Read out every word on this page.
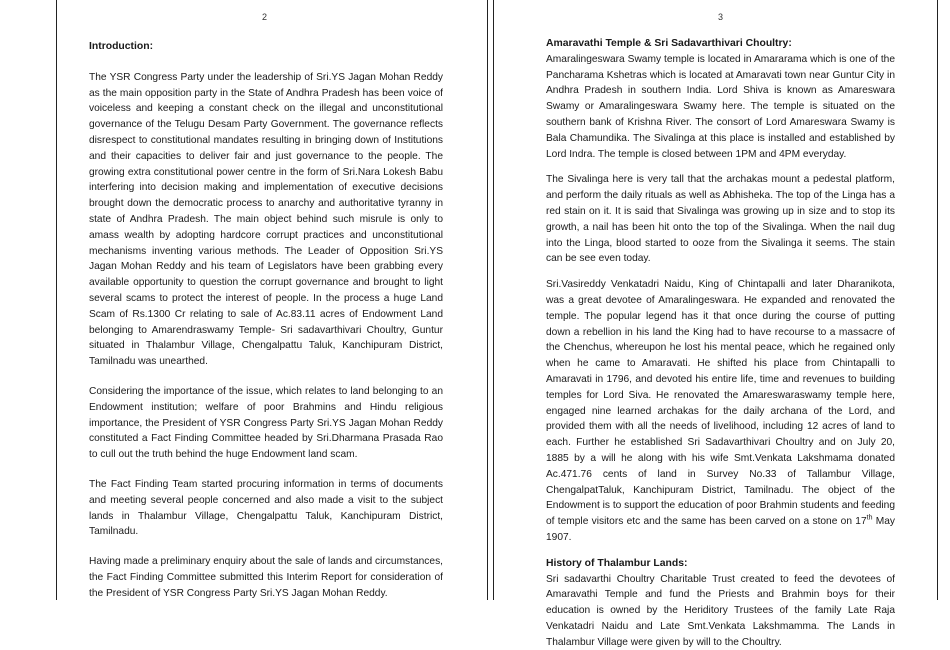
2
Introduction:

The YSR Congress Party under the leadership of Sri.YS Jagan Mohan Reddy as the main opposition party in the State of Andhra Pradesh has been voice of voiceless and keeping a constant check on the illegal and unconstitutional governance of the Telugu Desam Party Government. The governance reflects disrespect to constitutional mandates resulting in bringing down of Institutions and their capacities to deliver fair and just governance to the people. The growing extra constitutional power centre in the form of Sri.Nara Lokesh Babu interfering into decision making and implementation of executive decisions brought down the democratic process to anarchy and authoritative tyranny in state of Andhra Pradesh. The main object behind such misrule is only to amass wealth by adopting hardcore corrupt practices and unconstitutional mechanisms inventing various methods. The Leader of Opposition Sri.YS Jagan Mohan Reddy and his team of Legislators have been grabbing every available opportunity to question the corrupt governance and brought to light several scams to protect the interest of people. In the process a huge Land Scam of Rs.1300 Cr relating to sale of Ac.83.11 acres of Endowment Land belonging to Amarendraswamy Temple- Sri sadavarthivari Choultry, Guntur situated in Thalambur Village, Chengalpattu Taluk, Kanchipuram District, Tamilnadu was unearthed.

Considering the importance of the issue, which relates to land belonging to an Endowment institution; welfare of poor Brahmins and Hindu religious importance, the President of YSR Congress Party Sri.YS Jagan Mohan Reddy constituted a Fact Finding Committee headed by Sri.Dharmana Prasada Rao to cull out the truth behind the huge Endowment land scam.

The Fact Finding Team started procuring information in terms of documents and meeting several people concerned and also made a visit to the subject lands in Thalambur Village, Chengalpattu Taluk, Kanchipuram District, Tamilnadu.

Having made a preliminary enquiry about the sale of lands and circumstances, the Fact Finding Committee submitted this Interim Report for consideration of the President of YSR Congress Party Sri.YS Jagan Mohan Reddy.

3
Amaravathi Temple & Sri Sadavarthivari Choultry:

Amaralingeswara Swamy temple is located in Amararama which is one of the Pancharama Kshetras which is located at Amaravati town near Guntur City in Andhra Pradesh in southern India. Lord Shiva is known as Amareswara Swamy or Amaralingeswara Swamy here. The temple is situated on the southern bank of Krishna River. The consort of Lord Amareswara Swamy is Bala Chamundika. The Sivalinga at this place is installed and established by Lord Indra. The temple is closed between 1PM and 4PM everyday.

The Sivalinga here is very tall that the archakas mount a pedestal platform, and perform the daily rituals as well as Abhisheka. The top of the Linga has a red stain on it. It is said that Sivalinga was growing up in size and to stop its growth, a nail has been hit onto the top of the Sivalinga. When the nail dug into the Linga, blood started to ooze from the Sivalinga it seems. The stain can be see even today.

Sri.Vasireddy Venkatadri Naidu, King of Chintapalli and later Dharanikota, was a great devotee of Amaralingeswara. He expanded and renovated the temple. The popular legend has it that once during the course of putting down a rebellion in his land the King had to have recourse to a massacre of the Chenchus, whereupon he lost his mental peace, which he regained only when he came to Amaravati. He shifted his place from Chintapalli to Amaravati in 1796, and devoted his entire life, time and revenues to building temples for Lord Siva. He renovated the Amareswaraswamy temple here, engaged nine learned archakas for the daily archana of the Lord, and provided them with all the needs of livelihood, including 12 acres of land to each. Further he established Sri Sadavarthivari Choultry and on July 20, 1885 by a will he along with his wife Smt.Venkata Lakshmama donated Ac.471.76 cents of land in Survey No.33 of Tallambur Village, ChengalpatTaluk, Kanchipuram District, Tamilnadu. The object of the Endowment is to support the education of poor Brahmin students and feeding of temple visitors etc and the same has been carved on a stone on 17th May 1907.

History of Thalambur Lands:

Sri sadavarthi Choultry Charitable Trust created to feed the devotees of Amaravathi Temple and fund the Priests and Brahmin boys for their education is owned by the Heriditory Trustees of the family Late Raja Venkatadri Naidu and Late Smt.Venkata Lakshmamma. The Lands in Thalambur Village were given by will to the Choultry.
